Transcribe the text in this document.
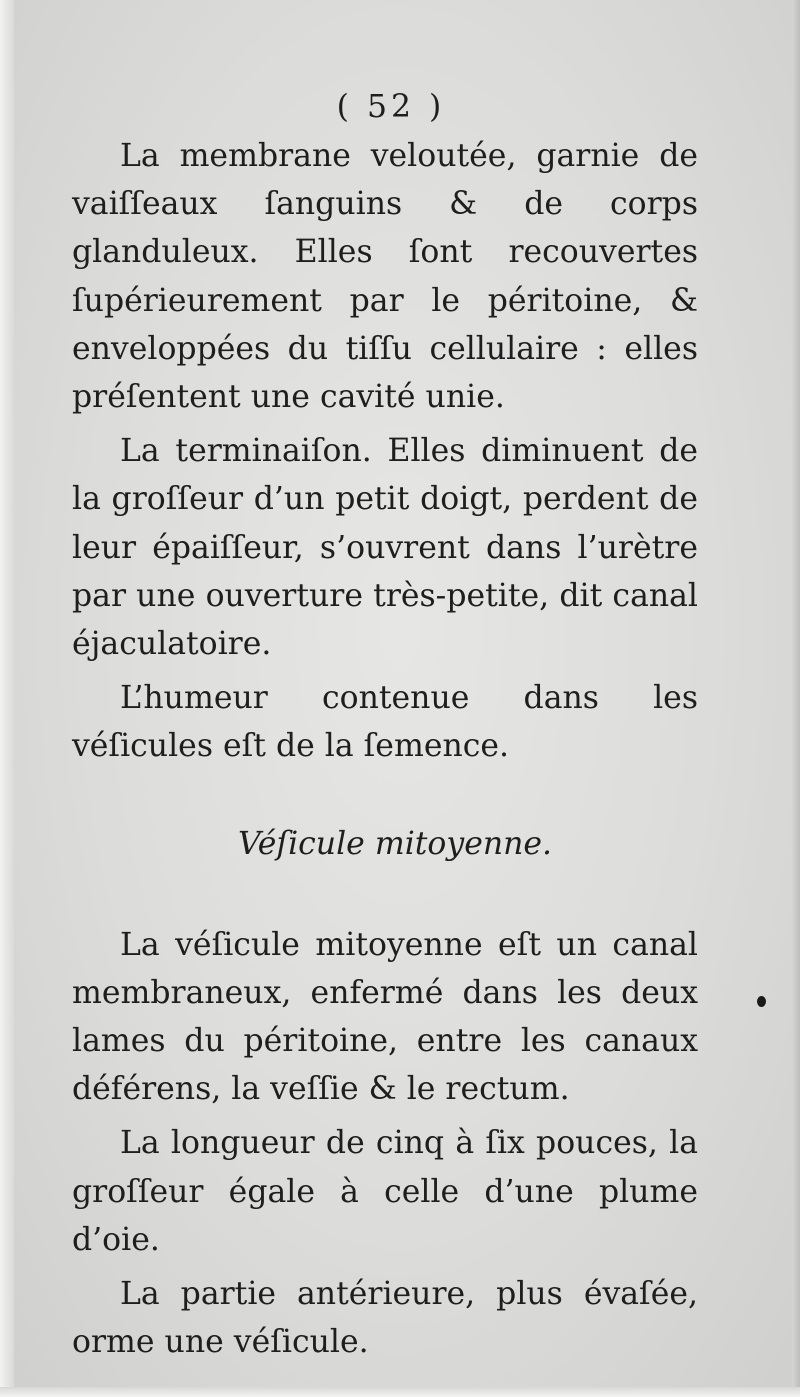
( 52 )

La membrane veloutée, garnie de vaiſſeaux ſanguins & de corps glanduleux. Elles ſont recouvertes ſupérieurement par le péritoine, & enveloppées du tiſſu cellulaire : elles préſentent une cavité unie.

La terminaiſon. Elles diminuent de la groſſeur d’un petit doigt, perdent de leur épaiſſeur, s’ouvrent dans l’urètre par une ouverture très-petite, dit canal éjaculatoire.

L’humeur contenue dans les véſicules eſt de la ſemence.

Véſicule mitoyenne.

La véſicule mitoyenne eſt un canal membraneux, enfermé dans les deux lames du péritoine, entre les canaux déférens, la veſſie & le rectum.

La longueur de cinq à ſix pouces, la groſſeur égale à celle d’une plume d’oie.

La partie antérieure, plus évaſée, orme une véſicule.
